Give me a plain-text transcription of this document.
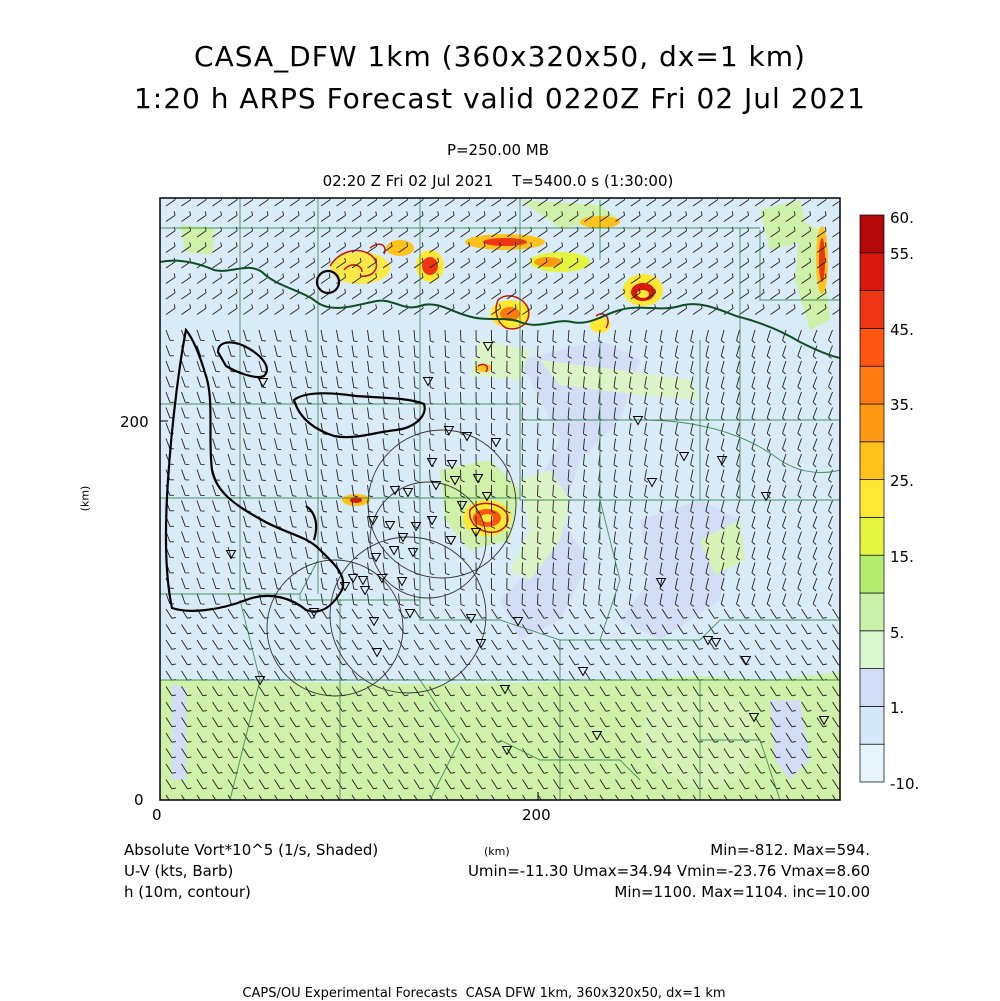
CASA_DFW 1km (360x320x50, dx=1 km)
1:20 h ARPS Forecast valid 0220Z Fri 02 Jul 2021
P=250.00 MB
02:20 Z Fri 02 Jul 2021    T=5400.0 s (1:30:00)
0	200
0
200
(km)
60.
55.
45.
35.
25.
15.
5.
1.
-10.
Absolute Vort*10^5 (1/s, Shaded)
U-V (kts, Barb)
h (10m, contour)
(km)	Min=-812. Max=594.
Umin=-11.30 Umax=34.94 Vmin=-23.76 Vmax=8.60
Min=1100. Max=1104. inc=10.00
CAPS/OU Experimental Forecasts  CASA DFW 1km, 360x320x50, dx=1 km
